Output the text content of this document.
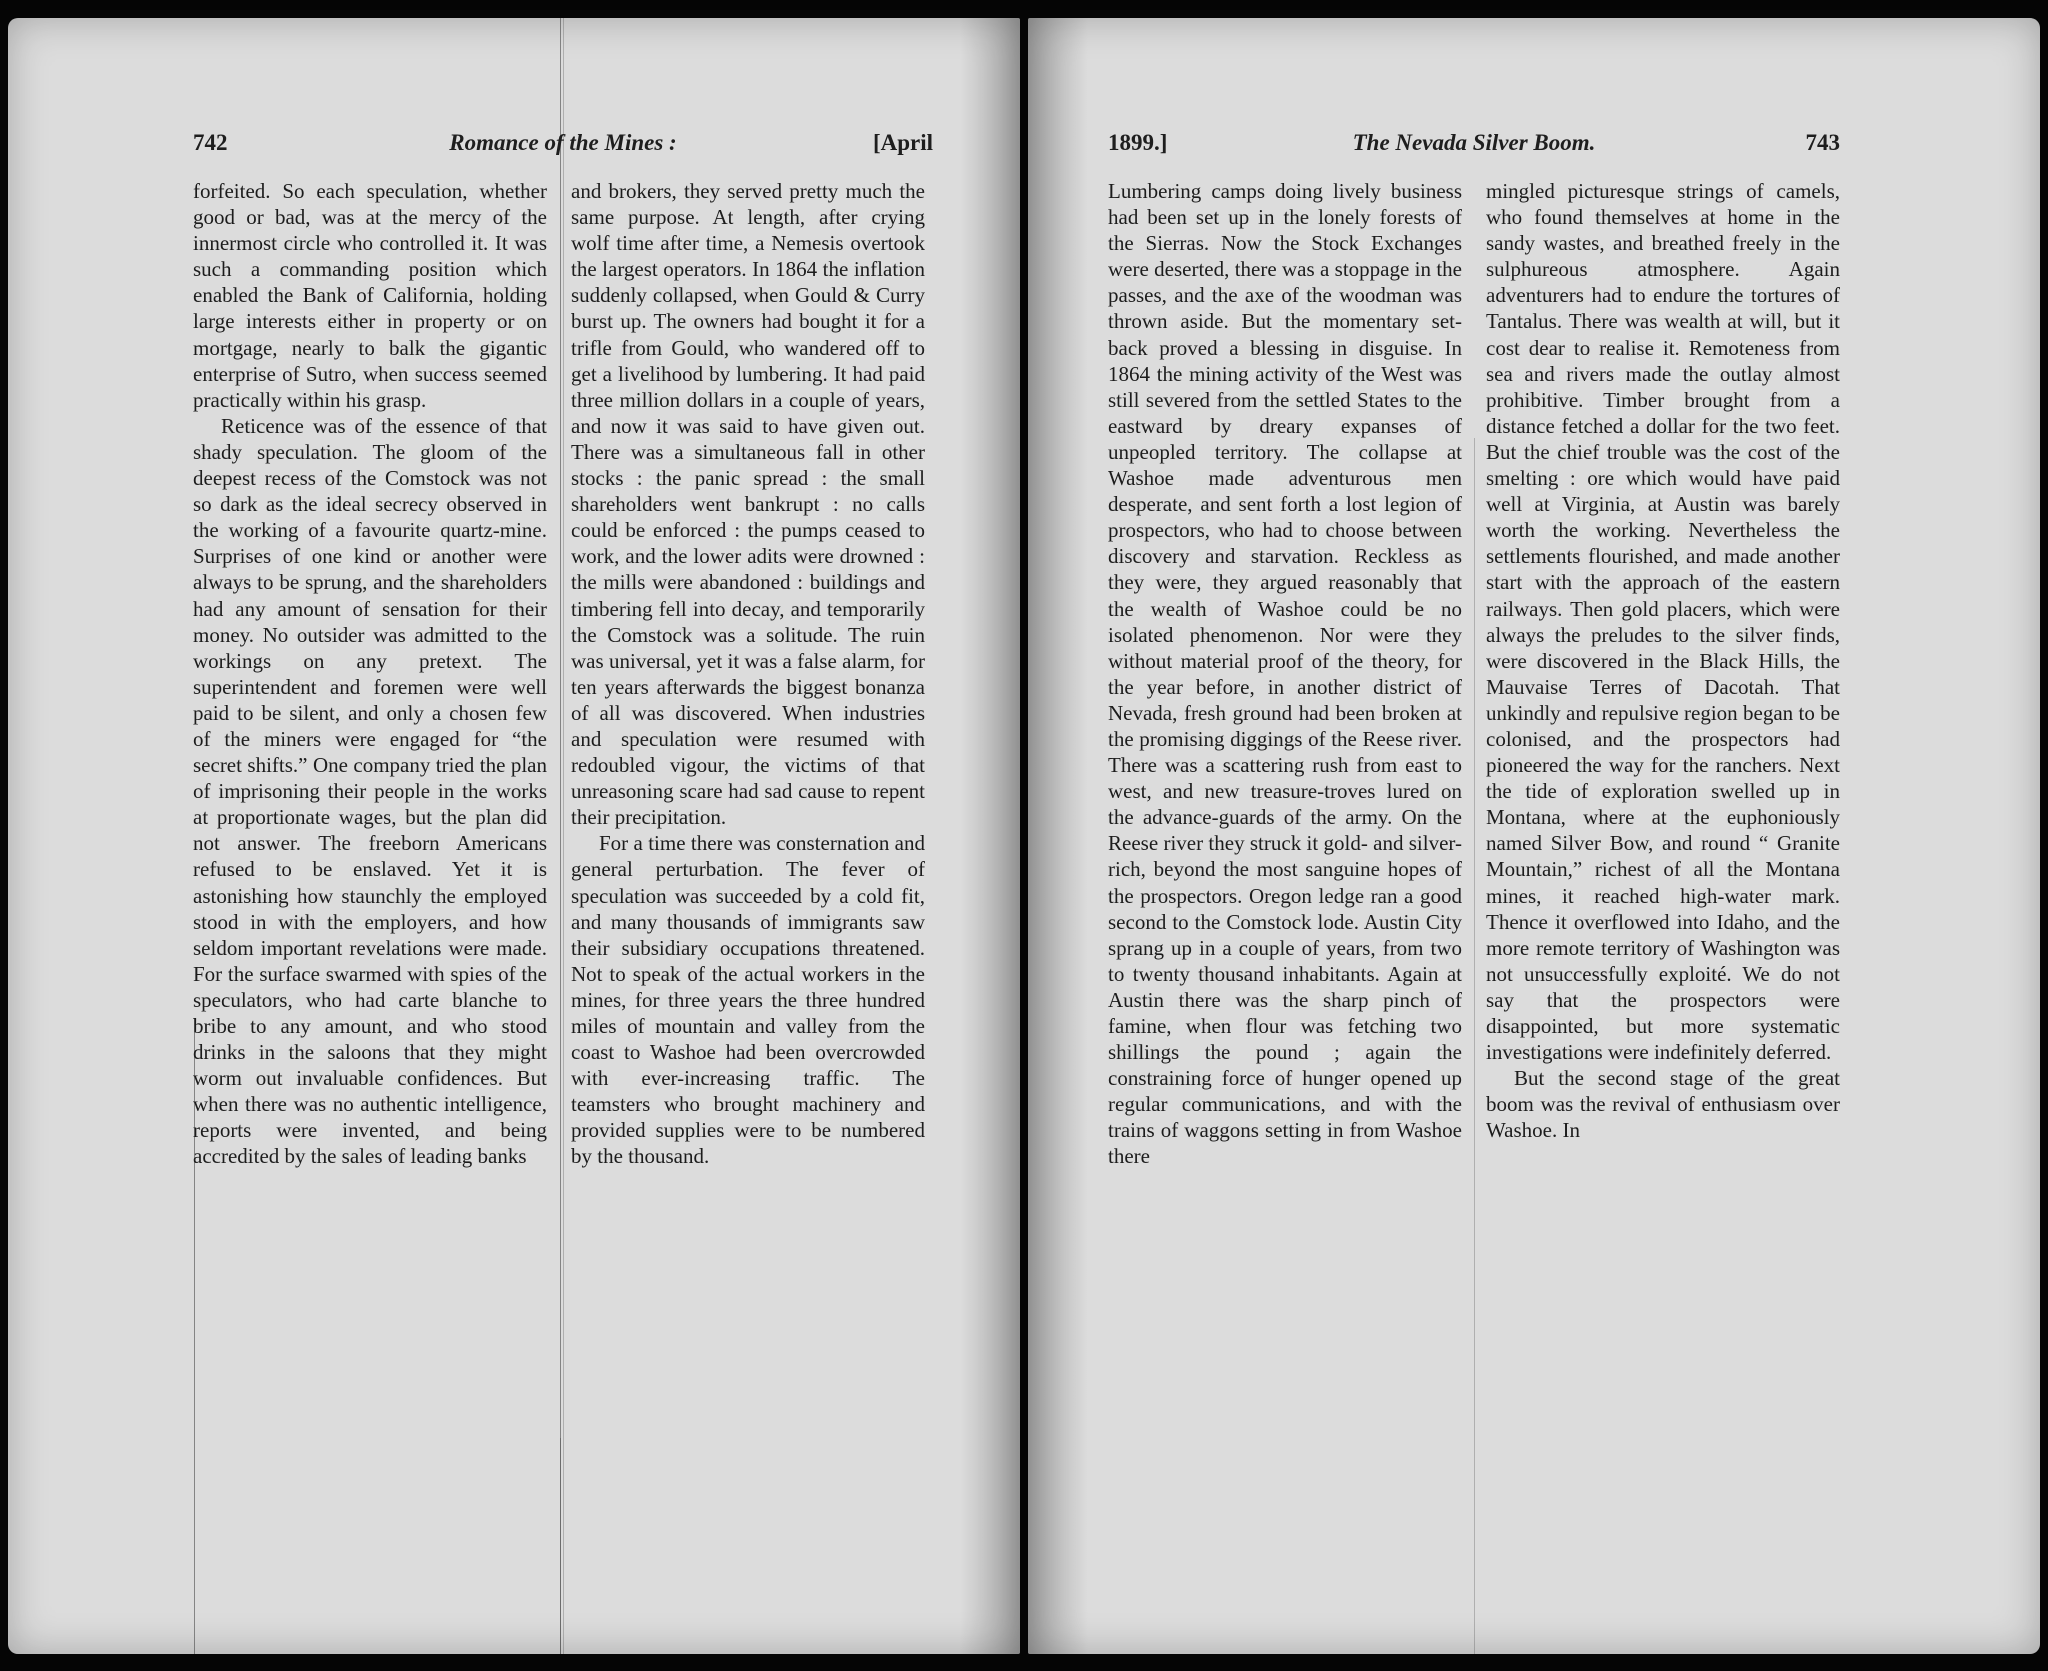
742	Romance of the Mines :	[April

forfeited. So each speculation, whether good or bad, was at the mercy of the innermost circle who controlled it. It was such a commanding position which enabled the Bank of California, holding large interests either in property or on mortgage, nearly to balk the gigantic enterprise of Sutro, when success seemed practically within his grasp.

Reticence was of the essence of that shady speculation. The gloom of the deepest recess of the Comstock was not so dark as the ideal secrecy observed in the working of a favourite quartz-mine. Surprises of one kind or another were always to be sprung, and the shareholders had any amount of sensation for their money. No outsider was admitted to the workings on any pretext. The superintendent and foremen were well paid to be silent, and only a chosen few of the miners were engaged for “the secret shifts.” One company tried the plan of imprisoning their people in the works at proportionate wages, but the plan did not answer. The freeborn Americans refused to be enslaved. Yet it is astonishing how staunchly the employed stood in with the employers, and how seldom important revelations were made. For the surface swarmed with spies of the speculators, who had carte blanche to bribe to any amount, and who stood drinks in the saloons that they might worm out invaluable confidences. But when there was no authentic intelligence, reports were invented, and being accredited by the sales of leading banks

and brokers, they served pretty much the same purpose. At length, after crying wolf time after time, a Nemesis overtook the largest operators. In 1864 the inflation suddenly collapsed, when Gould & Curry burst up. The owners had bought it for a trifle from Gould, who wandered off to get a livelihood by lumbering. It had paid three million dollars in a couple of years, and now it was said to have given out. There was a simultaneous fall in other stocks : the panic spread : the small shareholders went bankrupt : no calls could be enforced : the pumps ceased to work, and the lower adits were drowned : the mills were abandoned : buildings and timbering fell into decay, and temporarily the Comstock was a solitude. The ruin was universal, yet it was a false alarm, for ten years afterwards the biggest bonanza of all was discovered. When industries and speculation were resumed with redoubled vigour, the victims of that unreasoning scare had sad cause to repent their precipitation.

For a time there was consternation and general perturbation. The fever of speculation was succeeded by a cold fit, and many thousands of immigrants saw their subsidiary occupations threatened. Not to speak of the actual workers in the mines, for three years the three hundred miles of mountain and valley from the coast to Washoe had been overcrowded with ever-increasing traffic. The teamsters who brought machinery and provided supplies were to be numbered by the thousand.

1899.]	The Nevada Silver Boom.	743

Lumbering camps doing lively business had been set up in the lonely forests of the Sierras. Now the Stock Exchanges were deserted, there was a stoppage in the passes, and the axe of the woodman was thrown aside. But the momentary set-back proved a blessing in disguise. In 1864 the mining activity of the West was still severed from the settled States to the eastward by dreary expanses of unpeopled territory. The collapse at Washoe made adventurous men desperate, and sent forth a lost legion of prospectors, who had to choose between discovery and starvation. Reckless as they were, they argued reasonably that the wealth of Washoe could be no isolated phenomenon. Nor were they without material proof of the theory, for the year before, in another district of Nevada, fresh ground had been broken at the promising diggings of the Reese river. There was a scattering rush from east to west, and new treasure-troves lured on the advance-guards of the army. On the Reese river they struck it gold- and silver-rich, beyond the most sanguine hopes of the prospectors. Oregon ledge ran a good second to the Comstock lode. Austin City sprang up in a couple of years, from two to twenty thousand inhabitants. Again at Austin there was the sharp pinch of famine, when flour was fetching two shillings the pound ; again the constraining force of hunger opened up regular communications, and with the trains of waggons setting in from Washoe there

mingled picturesque strings of camels, who found themselves at home in the sandy wastes, and breathed freely in the sulphureous atmosphere. Again adventurers had to endure the tortures of Tantalus. There was wealth at will, but it cost dear to realise it. Remoteness from sea and rivers made the outlay almost prohibitive. Timber brought from a distance fetched a dollar for the two feet. But the chief trouble was the cost of the smelting : ore which would have paid well at Virginia, at Austin was barely worth the working. Nevertheless the settlements flourished, and made another start with the approach of the eastern railways. Then gold placers, which were always the preludes to the silver finds, were discovered in the Black Hills, the Mauvaise Terres of Dacotah. That unkindly and repulsive region began to be colonised, and the prospectors had pioneered the way for the ranchers. Next the tide of exploration swelled up in Montana, where at the euphoniously named Silver Bow, and round “ Granite Mountain,” richest of all the Montana mines, it reached high-water mark. Thence it overflowed into Idaho, and the more remote territory of Washington was not unsuccessfully exploité. We do not say that the prospectors were disappointed, but more systematic investigations were indefinitely deferred.

But the second stage of the great boom was the revival of enthusiasm over Washoe. In
